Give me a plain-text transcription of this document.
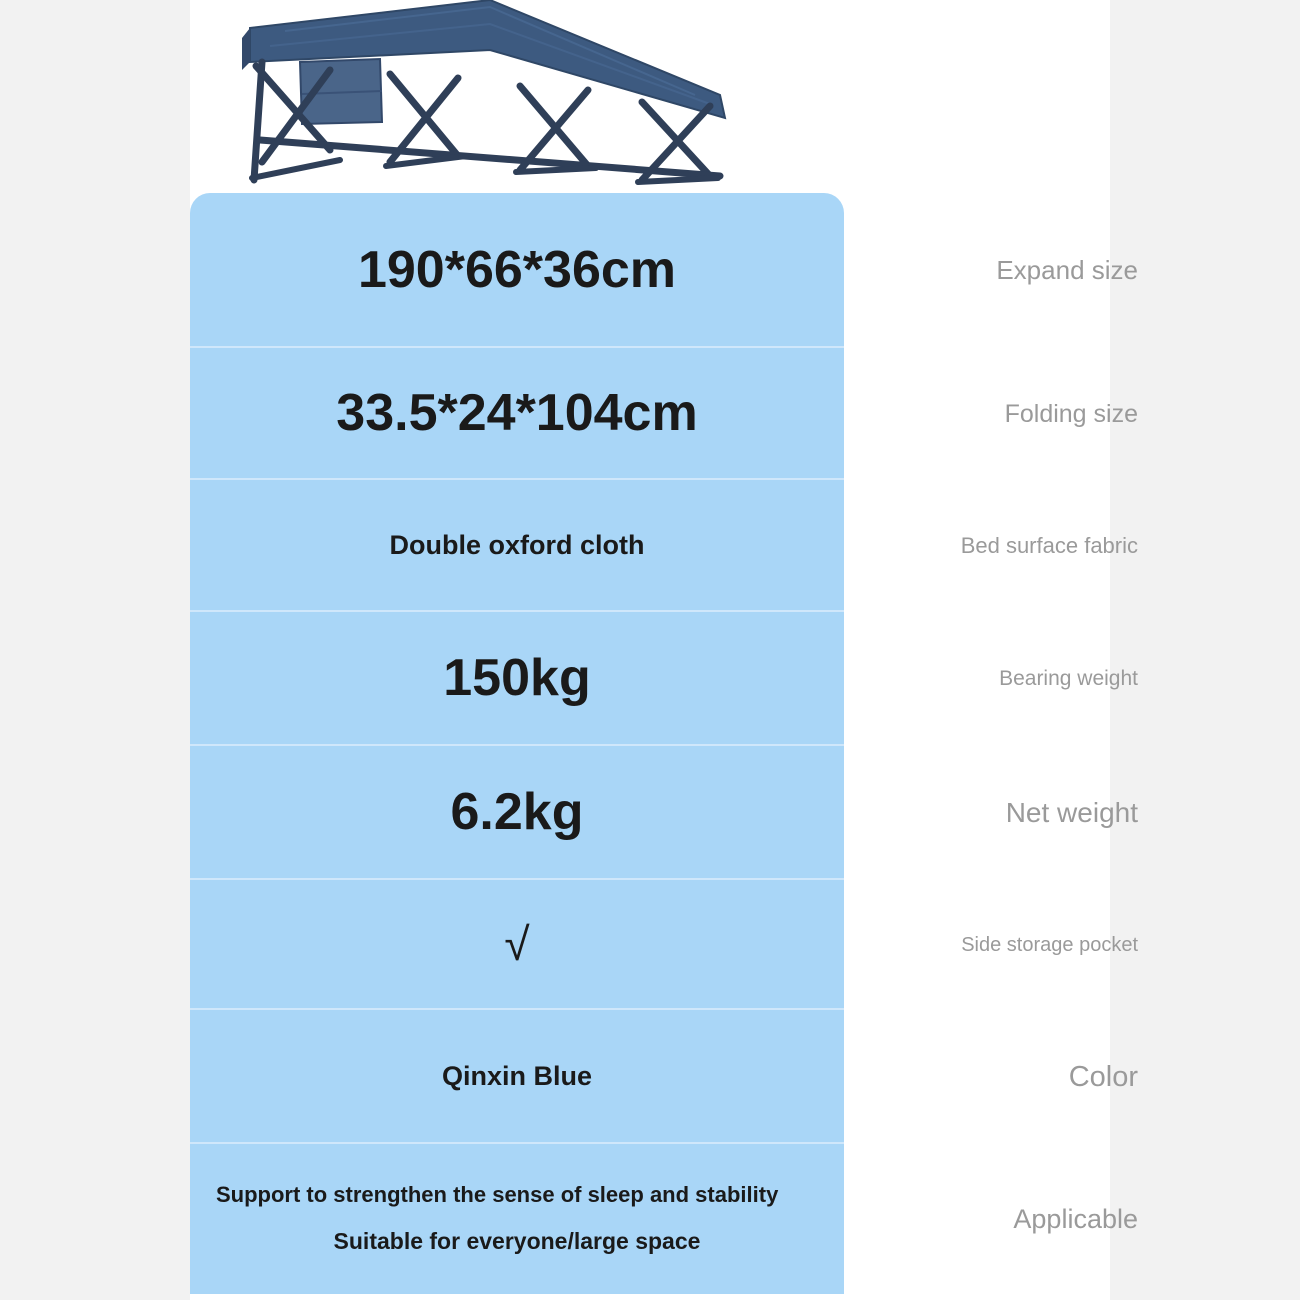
190*66*36cm
33.5*24*104cm
Double oxford cloth
150kg
6.2kg
√
Qinxin Blue
Support to strengthen the sense of sleep and stability
Suitable for everyone/large space
Expand size
Folding size
Bed surface fabric
Bearing weight
Net weight
Side storage pocket
Color
Applicable
